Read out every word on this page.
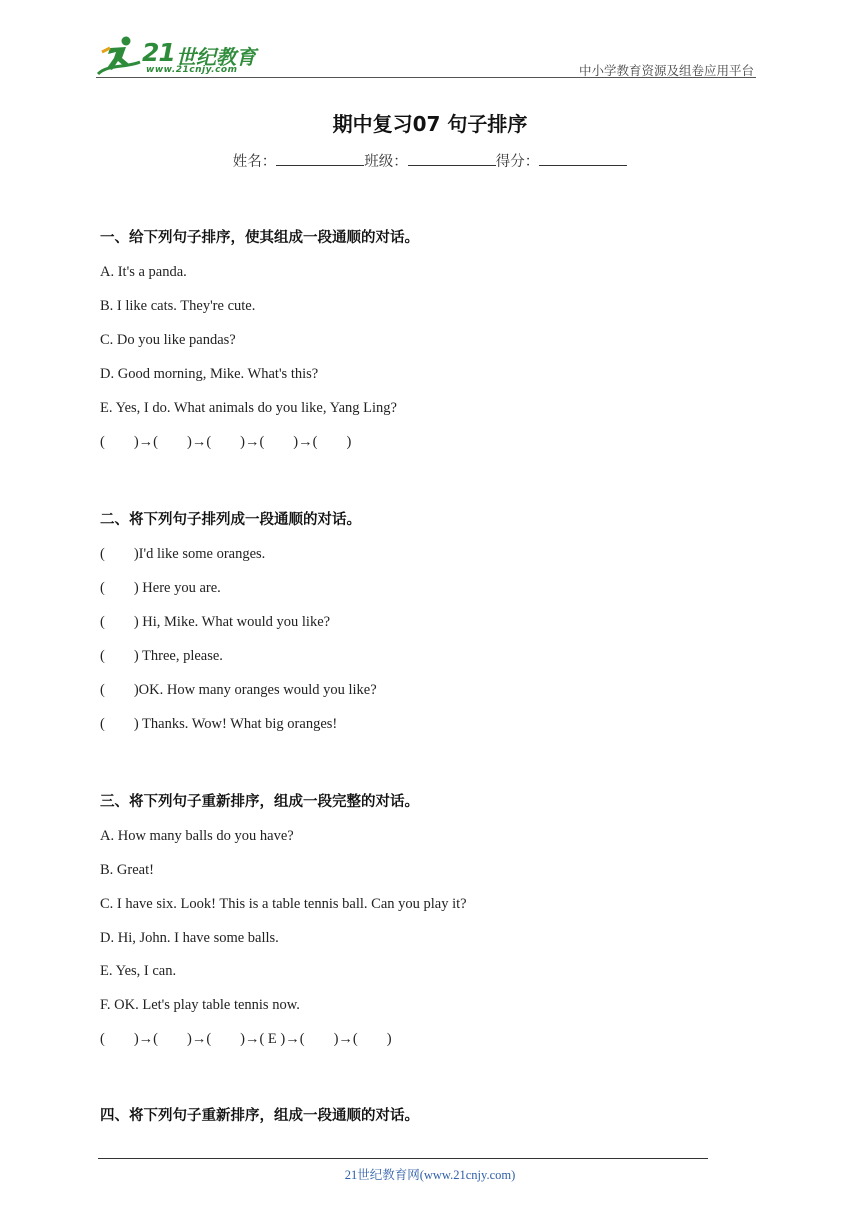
21 世纪教育
www.21cnjy.com	中小学教育资源及组卷应用平台
期中复习07 句子排序
姓名：	班级：	得分：
一、给下列句子排序，使其组成一段通顺的对话。
A. It's a panda.
B. I like cats. They're cute.
C. Do you like pandas?
D. Good morning, Mike. What's this?
E. Yes, I do. What animals do you like, Yang Ling?
(        )→(        )→(        )→(        )→(        )
二、将下列句子排列成一段通顺的对话。
(        )I'd like some oranges.
(        ) Here you are.
(        ) Hi, Mike. What would you like?
(        ) Three, please.
(        )OK. How many oranges would you like?
(        ) Thanks. Wow! What big oranges!
三、将下列句子重新排序，组成一段完整的对话。
A. How many balls do you have?
B. Great!
C. I have six. Look! This is a table tennis ball. Can you play it?
D. Hi, John. I have some balls.
E. Yes, I can.
F. OK. Let's play table tennis now.
(        )→(        )→(        )→( E )→(        )→(        )
四、将下列句子重新排序，组成一段通顺的对话。
21世纪教育网(www.21cnjy.com)
